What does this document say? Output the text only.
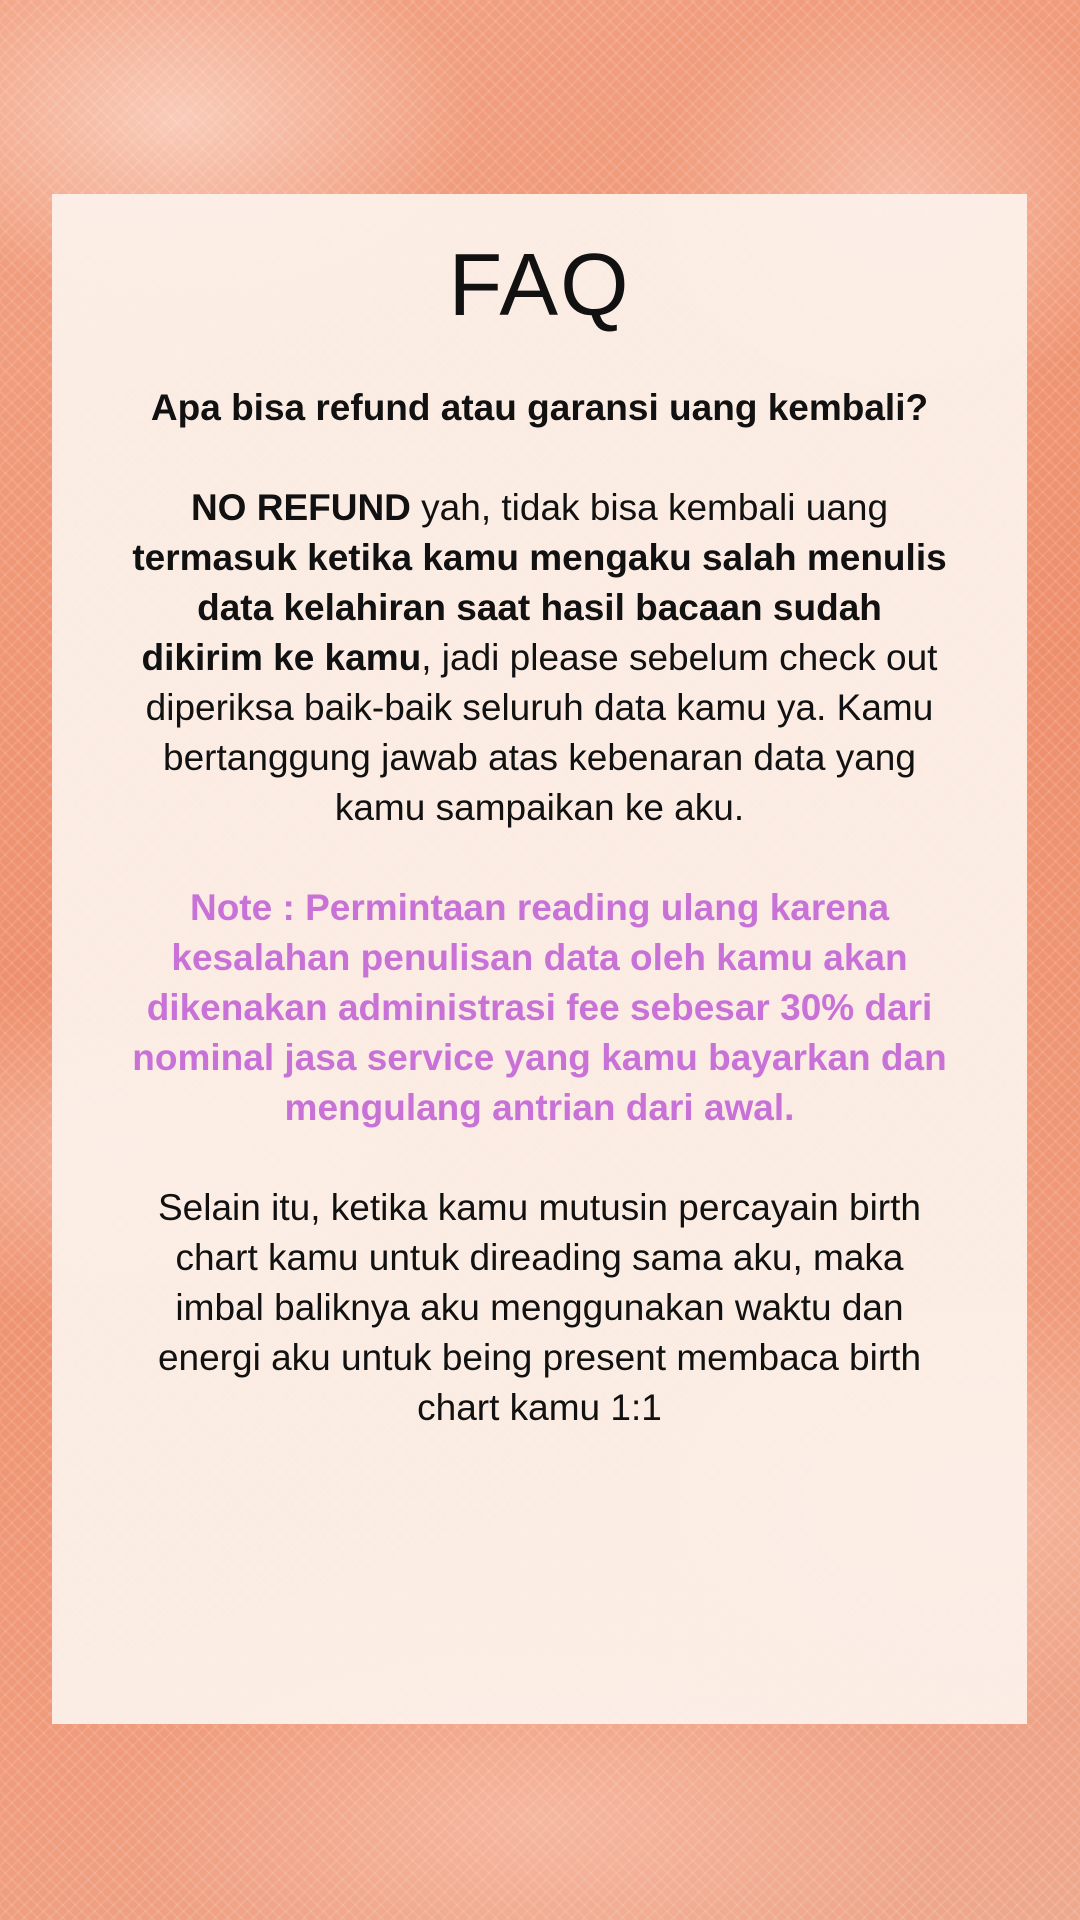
FAQ

Apa bisa refund atau garansi uang kembali?

NO REFUND yah, tidak bisa kembali uang termasuk ketika kamu mengaku salah menulis data kelahiran saat hasil bacaan sudah dikirim ke kamu, jadi please sebelum check out diperiksa baik-baik seluruh data kamu ya. Kamu bertanggung jawab atas kebenaran data yang kamu sampaikan ke aku.

Note : Permintaan reading ulang karena kesalahan penulisan data oleh kamu akan dikenakan administrasi fee sebesar 30% dari nominal jasa service yang kamu bayarkan dan mengulang antrian dari awal.

Selain itu, ketika kamu mutusin percayain birth chart kamu untuk direading sama aku, maka imbal baliknya aku menggunakan waktu dan energi aku untuk being present membaca birth chart kamu 1:1
